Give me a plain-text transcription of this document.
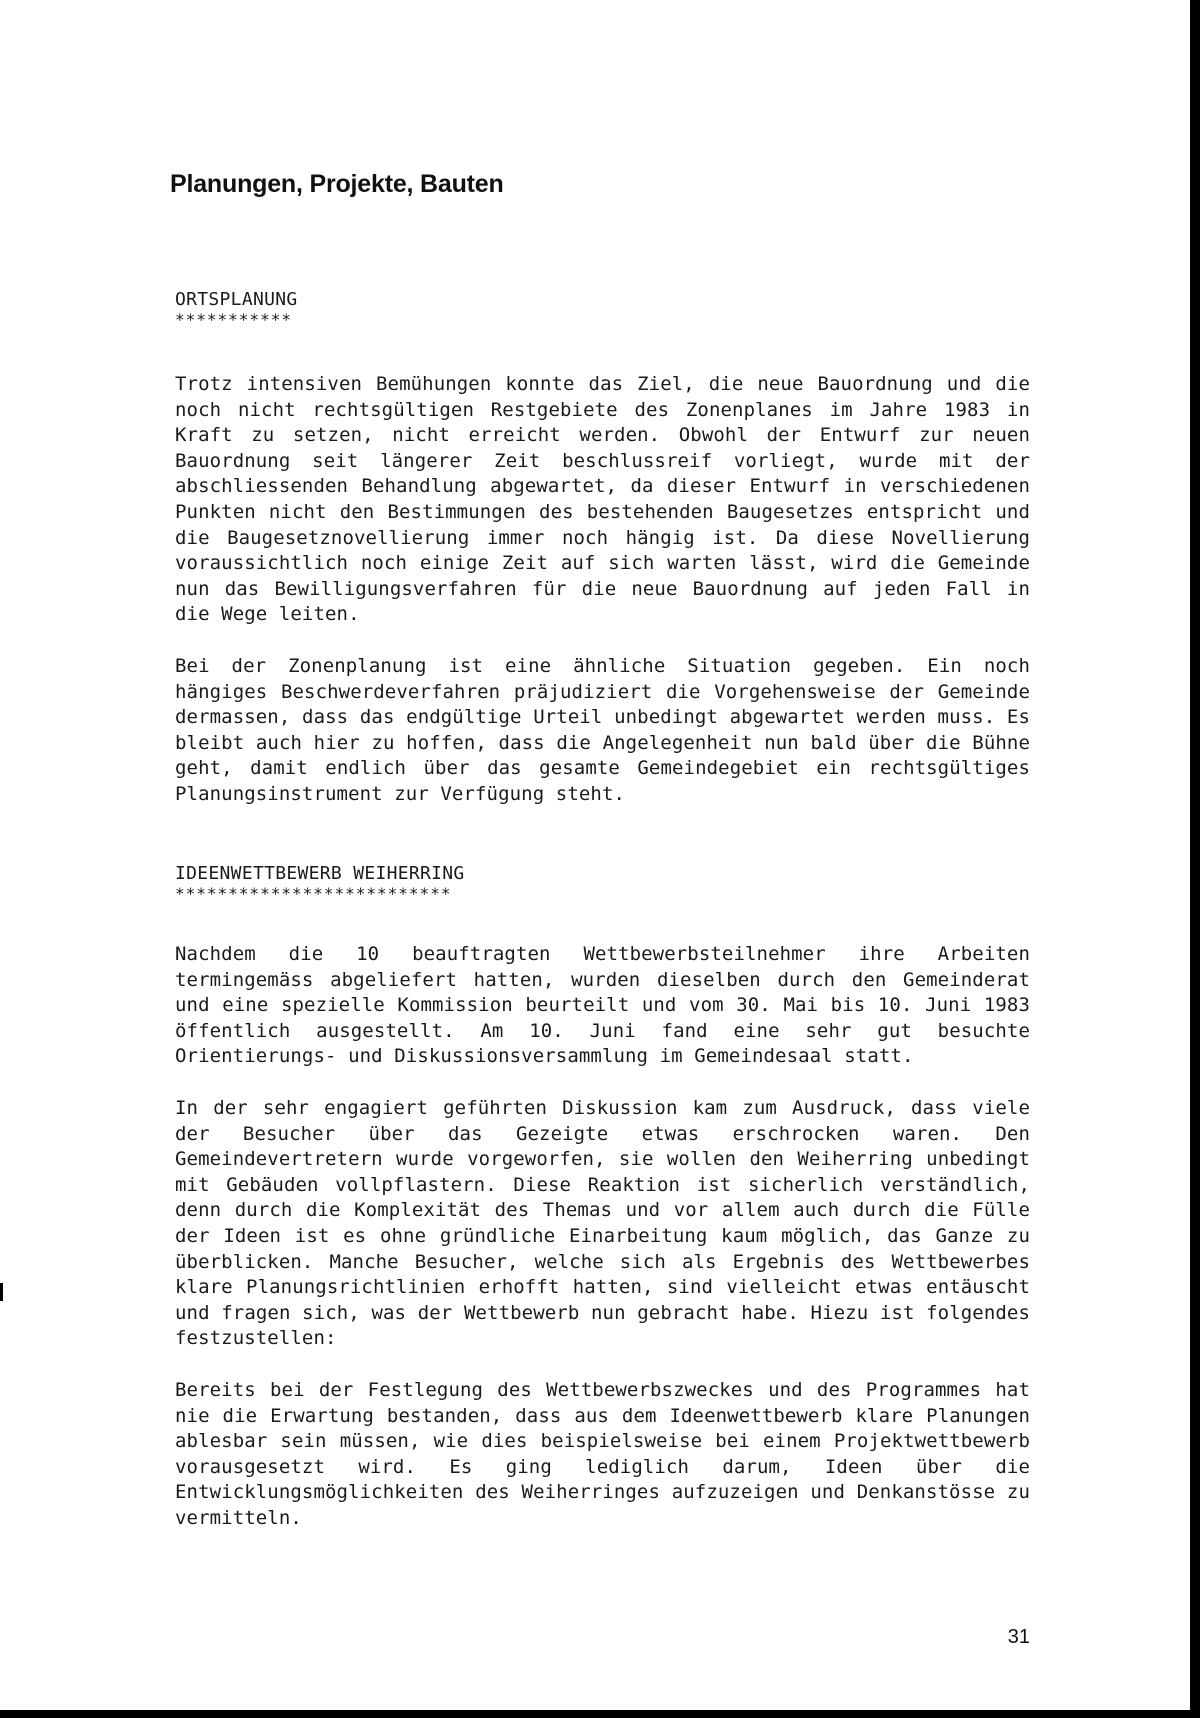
Planungen, Projekte, Bauten

ORTSPLANUNG

***********

Trotz intensiven Bemühungen konnte das Ziel, die neue Bauordnung und die noch nicht rechtsgültigen Restgebiete des Zonenplanes im Jahre 1983 in Kraft zu setzen, nicht erreicht werden. Obwohl der Entwurf zur neuen Bauordnung seit längerer Zeit beschlussreif vorliegt, wurde mit der abschliessenden Behandlung abgewartet, da dieser Entwurf in verschiedenen Punkten nicht den Bestimmungen des bestehenden Baugesetzes entspricht und die Baugesetznovellierung immer noch hängig ist. Da diese Novellierung voraussichtlich noch einige Zeit auf sich warten lässt, wird die Gemeinde nun das Bewilligungsverfahren für die neue Bauordnung auf jeden Fall in die Wege leiten.

Bei der Zonenplanung ist eine ähnliche Situation gegeben. Ein noch hängiges Beschwerdeverfahren präjudiziert die Vorgehensweise der Gemeinde dermassen, dass das endgültige Urteil unbedingt abgewartet werden muss. Es bleibt auch hier zu hoffen, dass die Angelegenheit nun bald über die Bühne geht, damit endlich über das gesamte Gemeindegebiet ein rechtsgültiges Planungsinstrument zur Verfügung steht.

IDEENWETTBEWERB WEIHERRING

**************************

Nachdem die 10 beauftragten Wettbewerbsteilnehmer ihre Arbeiten termingemäss abgeliefert hatten, wurden dieselben durch den Gemeinderat und eine spezielle Kommission beurteilt und vom 30. Mai bis 10. Juni 1983 öffentlich ausgestellt. Am 10. Juni fand eine sehr gut besuchte Orientierungs- und Diskussionsversammlung im Gemeindesaal statt.

In der sehr engagiert geführten Diskussion kam zum Ausdruck, dass viele der Besucher über das Gezeigte etwas erschrocken waren. Den Gemeindevertretern wurde vorgeworfen, sie wollen den Weiherring unbedingt mit Gebäuden vollpflastern. Diese Reaktion ist sicherlich verständlich, denn durch die Komplexität des Themas und vor allem auch durch die Fülle der Ideen ist es ohne gründliche Einarbeitung kaum möglich, das Ganze zu überblicken. Manche Besucher, welche sich als Ergebnis des Wettbewerbes klare Planungsrichtlinien erhofft hatten, sind vielleicht etwas entäuscht und fragen sich, was der Wettbewerb nun gebracht habe. Hiezu ist folgendes festzustellen:

Bereits bei der Festlegung des Wettbewerbszweckes und des Programmes hat nie die Erwartung bestanden, dass aus dem Ideenwettbewerb klare Planungen ablesbar sein müssen, wie dies beispielsweise bei einem Projektwettbewerb vorausgesetzt wird. Es ging lediglich darum, Ideen über die Entwicklungsmöglichkeiten des Weiherringes aufzuzeigen und Denkanstösse zu vermitteln.

31
